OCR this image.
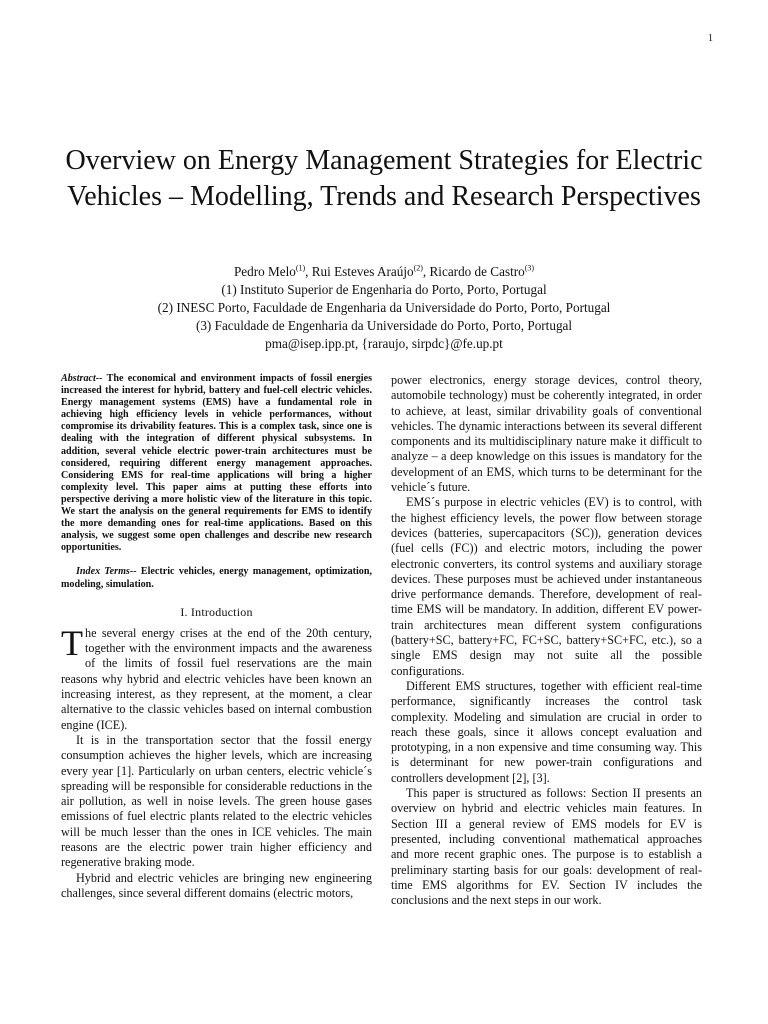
1
Overview on Energy Management Strategies for Electric Vehicles – Modelling, Trends and Research Perspectives
Pedro Melo$^{(1)}$, Rui Esteves Araújo$^{(2)}$, Ricardo de Castro$^{(3)}$
(1) Instituto Superior de Engenharia do Porto, Porto, Portugal
(2) INESC Porto, Faculdade de Engenharia da Universidade do Porto, Porto, Portugal
(3) Faculdade de Engenharia da Universidade do Porto, Porto, Portugal
pma@isep.ipp.pt, {raraujo, sirpdc}@fe.up.pt

Abstract-- The economical and environment impacts of fossil energies increased the interest for hybrid, battery and fuel-cell electric vehicles. Energy management systems (EMS) have a fundamental role in achieving high efficiency levels in vehicle performances, without compromise its drivability features. This is a complex task, since one is dealing with the integration of different physical subsystems. In addition, several vehicle electric power-train architectures must be considered, requiring different energy management approaches. Considering EMS for real-time applications will bring a higher complexity level. This paper aims at putting these efforts into perspective deriving a more holistic view of the literature in this topic. We start the analysis on the general requirements for EMS to identify the more demanding ones for real-time applications. Based on this analysis, we suggest some open challenges and describe new research opportunities.

Index Terms-- Electric vehicles, energy management, optimization, modeling, simulation.

I. Introduction

The several energy crises at the end of the 20th century, together with the environment impacts and the awareness of the limits of fossil fuel reservations are the main reasons why hybrid and electric vehicles have been known an increasing interest, as they represent, at the moment, a clear alternative to the classic vehicles based on internal combustion engine (ICE).

It is in the transportation sector that the fossil energy consumption achieves the higher levels, which are increasing every year [1]. Particularly on urban centers, electric vehicle´s spreading will be responsible for considerable reductions in the air pollution, as well in noise levels. The green house gases emissions of fuel electric plants related to the electric vehicles will be much lesser than the ones in ICE vehicles. The main reasons are the electric power train higher efficiency and regenerative braking mode.

Hybrid and electric vehicles are bringing new engineering challenges, since several different domains (electric motors,

power electronics, energy storage devices, control theory, automobile technology) must be coherently integrated, in order to achieve, at least, similar drivability goals of conventional vehicles. The dynamic interactions between its several different components and its multidisciplinary nature make it difficult to analyze – a deep knowledge on this issues is mandatory for the development of an EMS, which turns to be determinant for the vehicle´s future.

EMS´s purpose in electric vehicles (EV) is to control, with the highest efficiency levels, the power flow between storage devices (batteries, supercapacitors (SC)), generation devices (fuel cells (FC)) and electric motors, including the power electronic converters, its control systems and auxiliary storage devices. These purposes must be achieved under instantaneous drive performance demands. Therefore, development of real-time EMS will be mandatory. In addition, different EV power-train architectures mean different system configurations (battery+SC, battery+FC, FC+SC, battery+SC+FC, etc.), so a single EMS design may not suite all the possible configurations.

Different EMS structures, together with efficient real-time performance, significantly increases the control task complexity. Modeling and simulation are crucial in order to reach these goals, since it allows concept evaluation and prototyping, in a non expensive and time consuming way. This is determinant for new power-train configurations and controllers development [2], [3].

This paper is structured as follows: Section II presents an overview on hybrid and electric vehicles main features. In Section III a general review of EMS models for EV is presented, including conventional mathematical approaches and more recent graphic ones. The purpose is to establish a preliminary starting basis for our goals: development of real-time EMS algorithms for EV. Section IV includes the conclusions and the next steps in our work.
